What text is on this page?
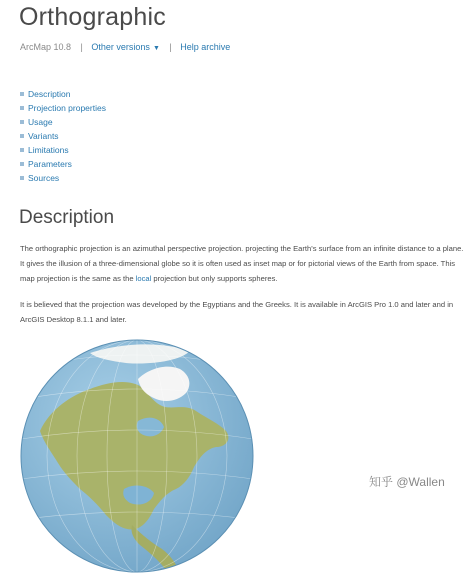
Orthographic
ArcMap 10.8 | Other versions ▼ | Help archive
Description
Projection properties
Usage
Variants
Limitations
Parameters
Sources
Description

The orthographic projection is an azimuthal perspective projection. projecting the Earth's surface from an infinite distance to a plane. It gives the illusion of a three-dimensional globe so it is often used as inset map or for pictorial views of the Earth from space. This map projection is the same as the local projection but only supports spheres.

It is believed that the projection was developed by the Egyptians and the Greeks. It is available in ArcGIS Pro 1.0 and later and in ArcGIS Desktop 8.1.1 and later.

知乎 @Wallen
